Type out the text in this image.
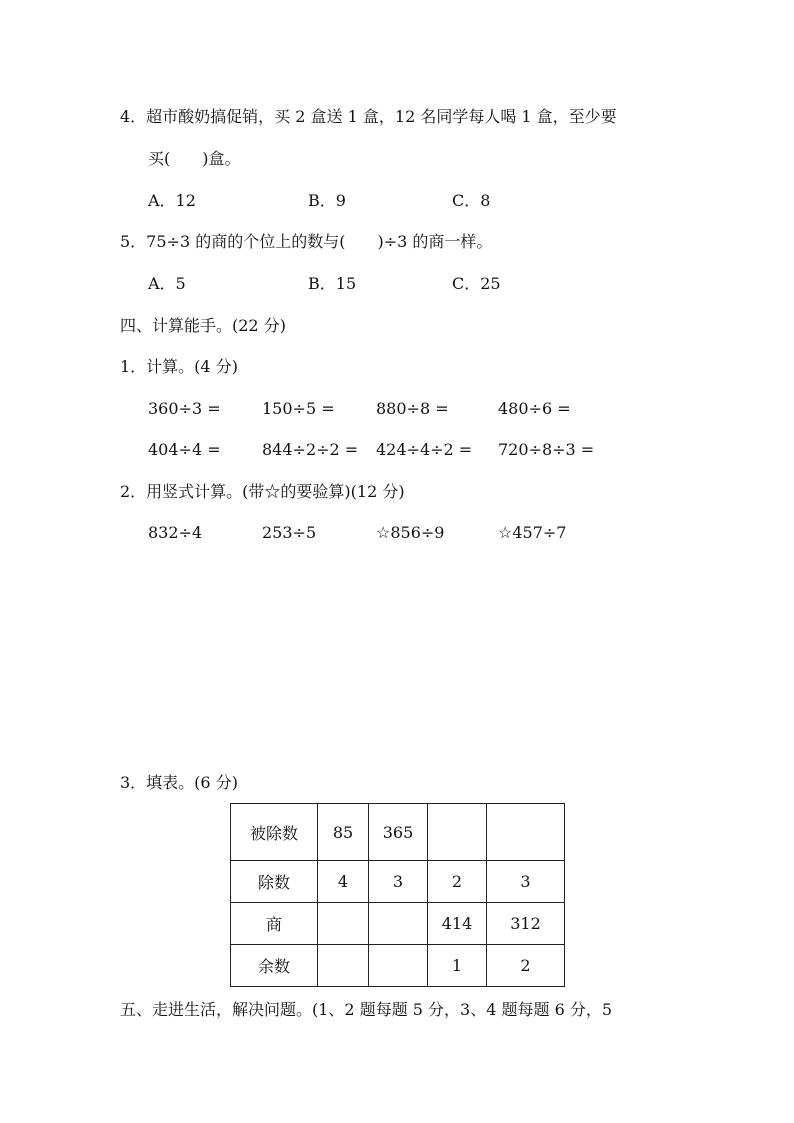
4．超市酸奶搞促销，买 2 盒送 1 盒，12 名同学每人喝 1 盒，至少要
买(　　)盒。
A．12	B．9	C．8
5．75÷3 的商的个位上的数与(　　)÷3 的商一样。
A．5	B．15	C．25
四、计算能手。(22 分)
1．计算。(4 分)
360÷3 =	150÷5 =	880÷8 =	480÷6 =
404÷4 =	844÷2÷2 = 424÷4÷2 = 720÷8÷3 =
2．用竖式计算。(带☆的要验算)(12 分)
832÷4	253÷5	☆856÷9	☆457÷7
3．填表。(6 分)
被除数	85	365		
除数	4	3	2	3
商			414	312
余数			1	2
五、走进生活，解决问题。(1、2 题每题 5 分，3、4 题每题 6 分，5
